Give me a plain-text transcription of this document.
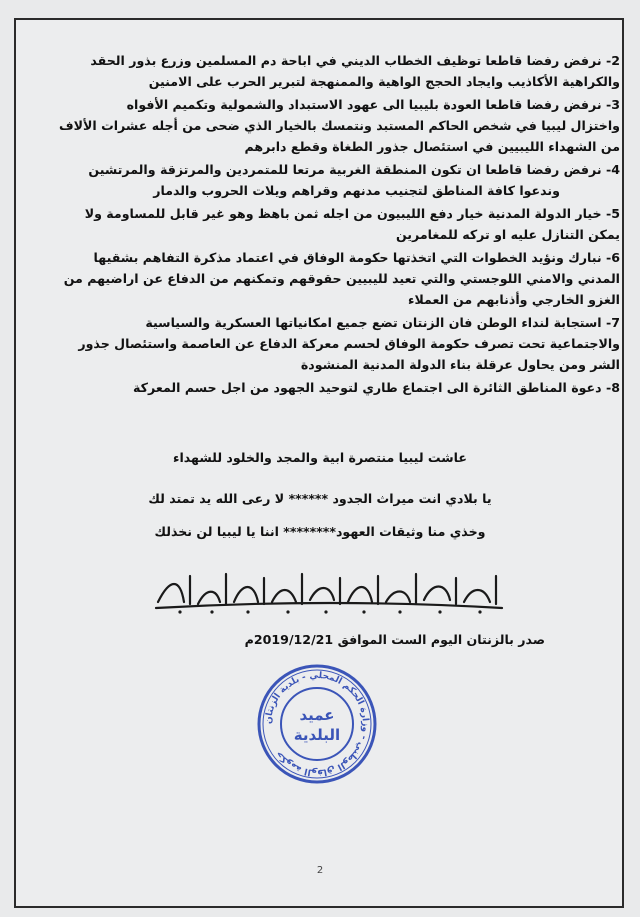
2- نرفض رفضا قاطعا توظيف الخطاب الديني في اباحة دم المسلمين وزرع بذور الحقد
والكراهية الأكاذيب وايجاد الحجج الواهية والممنهجة لتبرير الحرب على الامنين
3- نرفض رفضا قاطعا العودة بليبيا الى عهود الاستبداد والشمولية وتكميم الأفواه
واختزال ليبيا في شخص الحاكم المستبد ونتمسك بالخيار الذي ضحى من أجله عشرات الألاف
من الشهداء الليبيين في استئصال جذور الطغاة وقطع دابرهم
4- نرفض رفضا قاطعا ان تكون المنطقة الغربية مرتعا للمتمردين والمرتزقة والمرتشين
وندعوا كافة المناطق لتجنيب مدنهم وقراهم ويلات الحروب والدمار
5- خيار الدولة المدنية خيار دفع الليبيون من اجله ثمن باهظ وهو غير قابل للمساومة ولا
يمكن التنازل عليه او تركه للمغامرين
6- نبارك ونؤيد الخطوات التي اتخذتها حكومة الوفاق في اعتماد مذكرة التفاهم بشقيها
المدني والامني اللوجستي والتي تعيد لليبيين حقوقهم وتمكنهم من الدفاع عن اراضيهم من
الغزو الخارجي وأذنابهم من العملاء
7- استجابة لنداء الوطن فان الزنتان تضع جميع امكانياتها العسكرية والسياسية
والاجتماعية تحت تصرف حكومة الوفاق لحسم معركة الدفاع عن العاصمة واستئصال جذور
الشر ومن يحاول عرقلة بناء الدولة المدنية المنشودة
8- دعوة المناطق الثائرة الى اجتماع طاري لتوحيد الجهود من اجل حسم المعركة
عاشت ليبيا منتصرة ابية والمجد والخلود للشهداء
يا بلادي انت ميراث الجدود ****** لا رعى الله يد تمتد لك
وخذي منا وثيقات العهود******** اننا يا ليبيا لن نخذلك
صدر بالزنتان اليوم الست الموافق 2019/12/21م
حكومة الوفاق الوطني - وزارة الحكم المحلي - بلدية الزنتان
عميد
البلدية
2
